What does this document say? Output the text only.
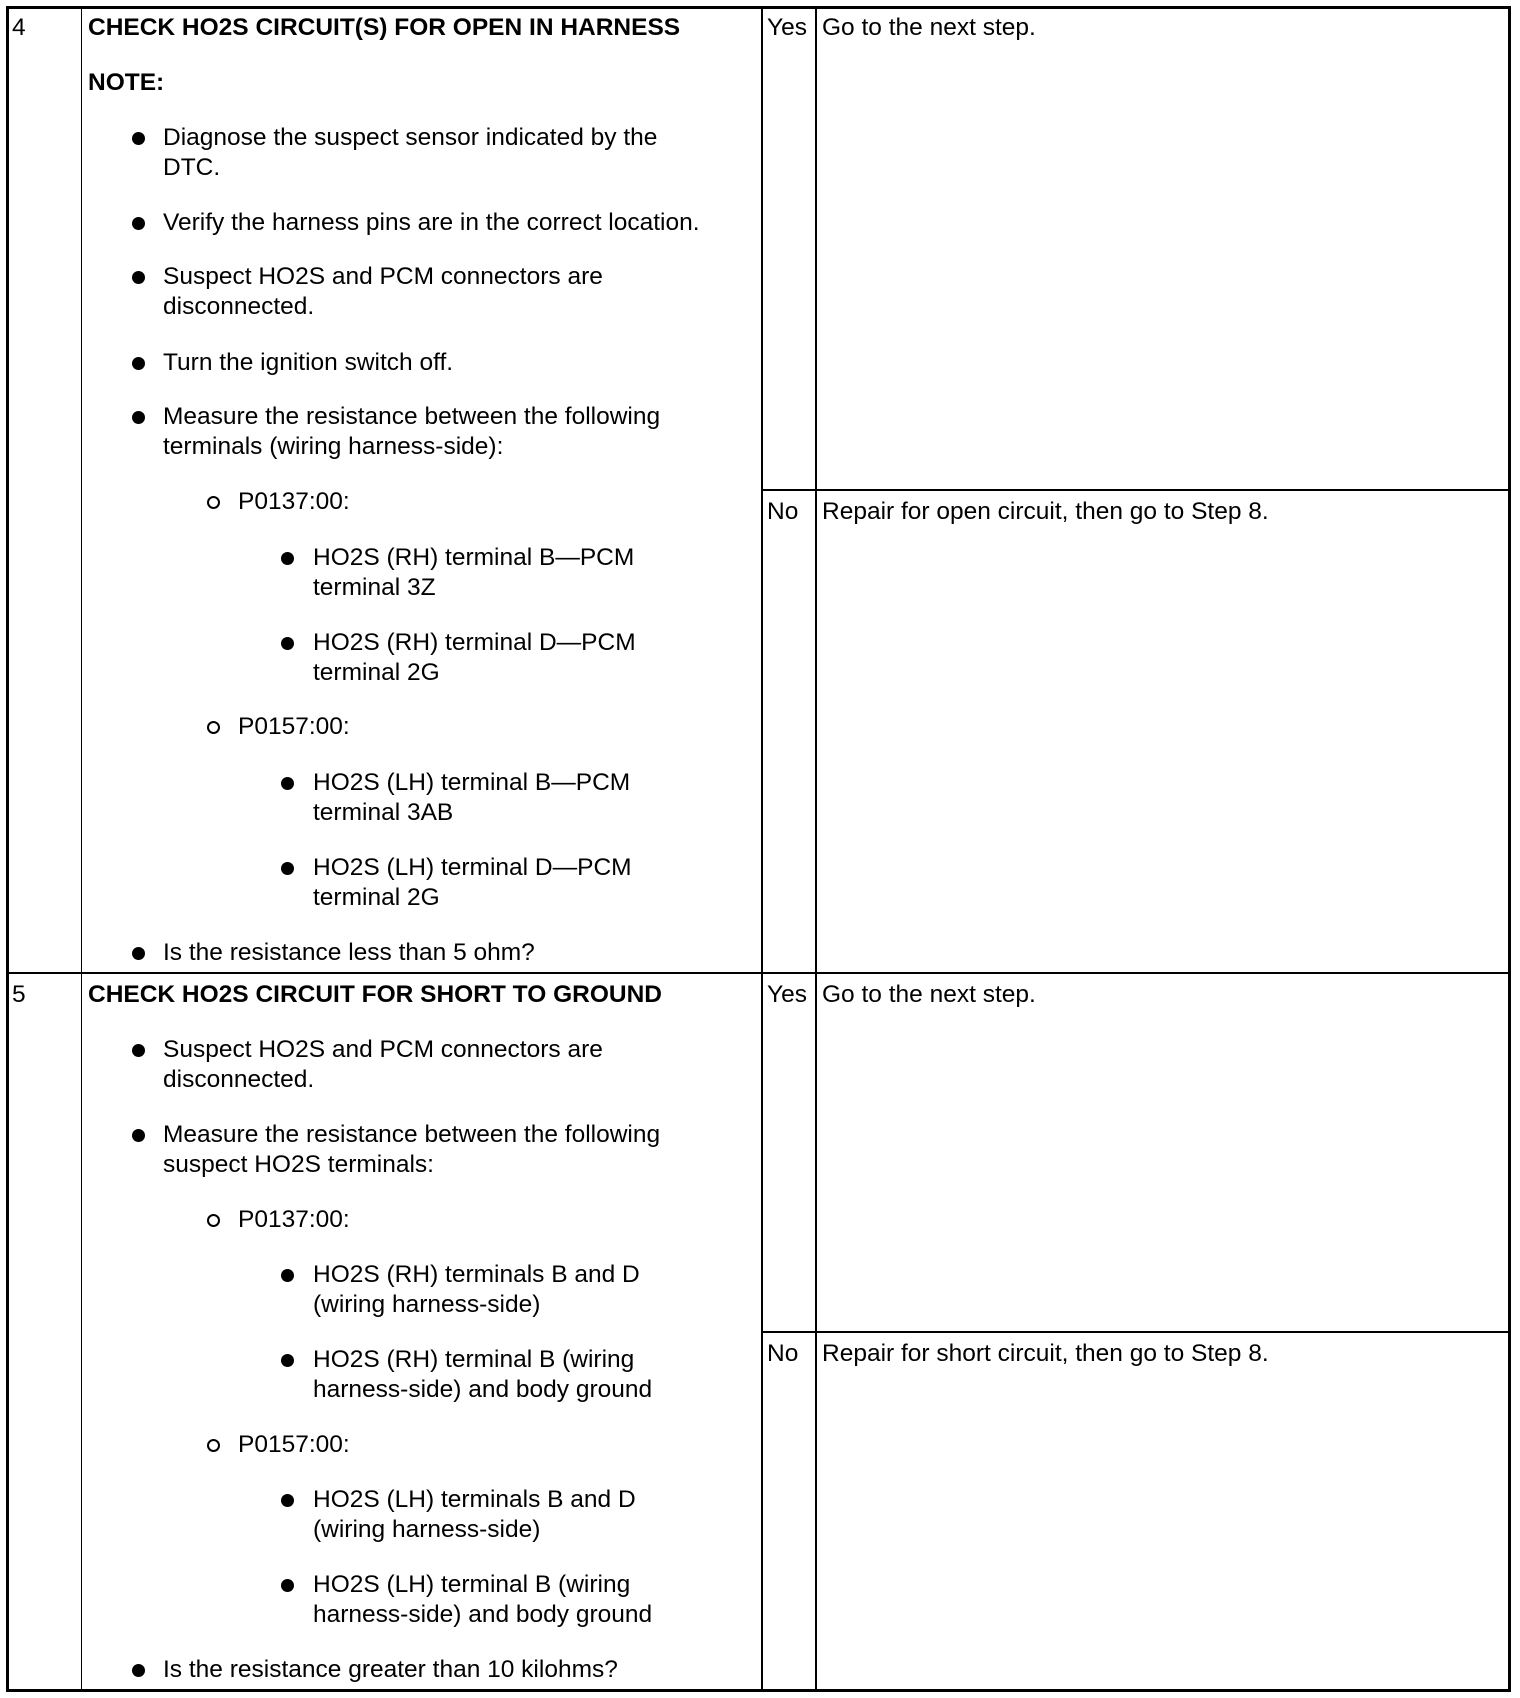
4	CHECK HO2S CIRCUIT(S) FOR OPEN IN HARNESS
NOTE:
Diagnose the suspect sensor indicated by the
DTC.
Verify the harness pins are in the correct location.
Suspect HO2S and PCM connectors are
disconnected.
Turn the ignition switch off.
Measure the resistance between the following
terminals (wiring harness-side):
P0137:00:
HO2S (RH) terminal B—PCM
terminal 3Z
HO2S (RH) terminal D—PCM
terminal 2G
P0157:00:
HO2S (LH) terminal B—PCM
terminal 3AB
HO2S (LH) terminal D—PCM
terminal 2G
Is the resistance less than 5 ohm?
Yes Go to the next step.
No Repair for open circuit, then go to Step 8.
5	CHECK HO2S CIRCUIT FOR SHORT TO GROUND
Suspect HO2S and PCM connectors are
disconnected.
Measure the resistance between the following
suspect HO2S terminals:
P0137:00:
HO2S (RH) terminals B and D
(wiring harness-side)
HO2S (RH) terminal B (wiring
harness-side) and body ground
P0157:00:
HO2S (LH) terminals B and D
(wiring harness-side)
HO2S (LH) terminal B (wiring
harness-side) and body ground
Is the resistance greater than 10 kilohms?
Yes Go to the next step.
No Repair for short circuit, then go to Step 8.
